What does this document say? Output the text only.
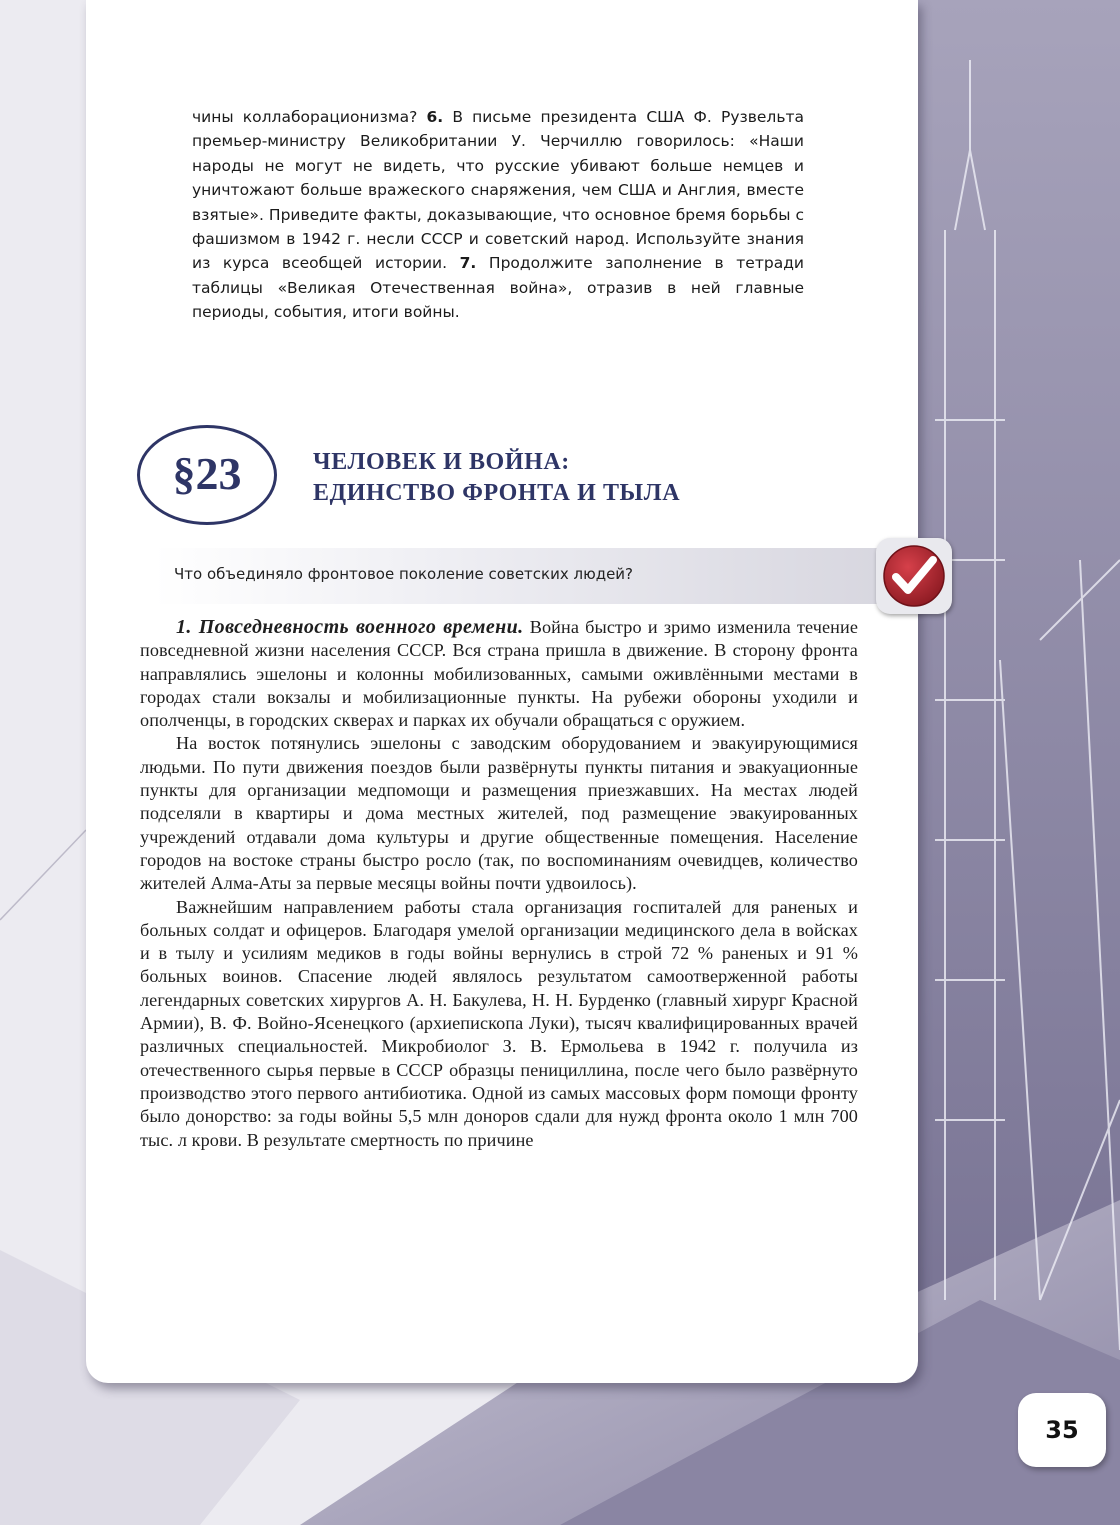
чины коллаборационизма? 6. В письме президента США Ф. Рузвельта премьер-министру Великобритании У. Черчиллю говорилось: «Наши народы не могут не видеть, что русские убивают больше немцев и уничтожают больше вражеского снаряжения, чем США и Англия, вместе взятые». Приведите факты, доказывающие, что основное бремя борьбы с фашизмом в 1942 г. несли СССР и советский народ. Используйте знания из курса всеобщей истории. 7. Продолжите заполнение в тетради таблицы «Великая Отечественная война», отразив в ней главные периоды, события, итоги войны.

§23	ЧЕЛОВЕК И ВОЙНА:
ЕДИНСТВО ФРОНТА И ТЫЛА
Что объединяло фронтовое поколение советских людей?

1. Повседневность военного времени. Война быстро и зримо изменила течение повседневной жизни населения СССР. Вся страна пришла в движение. В сторону фронта направлялись эшелоны и колонны мобилизованных, самыми оживлёнными местами в городах стали вокзалы и мобилизационные пункты. На рубежи обороны уходили и ополченцы, в городских скверах и парках их обучали обращаться с оружием.

На восток потянулись эшелоны с заводским оборудованием и эвакуирующимися людьми. По пути движения поездов были развёрнуты пункты питания и эвакуационные пункты для организации медпомощи и размещения приезжавших. На местах людей подселяли в квартиры и дома местных жителей, под размещение эвакуированных учреждений отдавали дома культуры и другие общественные помещения. Население городов на востоке страны быстро росло (так, по воспоминаниям очевидцев, количество жителей Алма-Аты за первые месяцы войны почти удвоилось).

Важнейшим направлением работы стала организация госпиталей для раненых и больных солдат и офицеров. Благодаря умелой организации медицинского дела в войсках и в тылу и усилиям медиков в годы войны вернулись в строй 72 % раненых и 91 % больных воинов. Спасение людей являлось результатом самоотверженной работы легендарных советских хирургов А. Н. Бакулева, Н. Н. Бурденко (главный хирург Красной Армии), В. Ф. Войно-Ясенецкого (архиепископа Луки), тысяч квалифицированных врачей различных специальностей. Микробиолог З. В. Ермольева в 1942 г. получила из отечественного сырья первые в СССР образцы пенициллина, после чего было развёрнуто производство этого первого антибиотика. Одной из самых массовых форм помощи фронту было донорство: за годы войны 5,5 млн доноров сдали для нужд фронта около 1 млн 700 тыс. л крови. В результате смертность по причине

35
